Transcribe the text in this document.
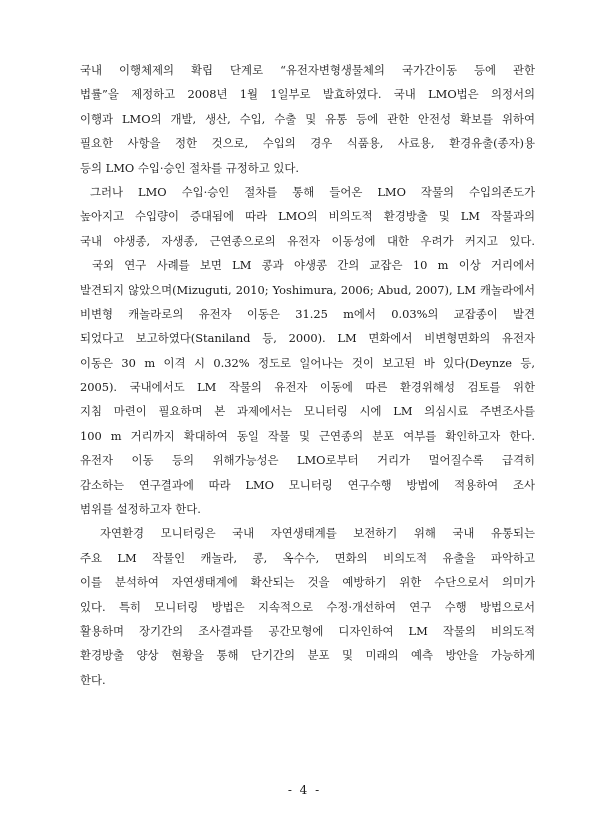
국내 이행체제의 확립 단계로 “유전자변형생물체의 국가간이동 등에 관한
법률”을 제정하고 2008년 1월 1일부로 발효하였다. 국내 LMO법은 의정서의
이행과 LMO의 개발, 생산, 수입, 수출 및 유통 등에 관한 안전성 확보를 위하여
필요한 사항을 정한 것으로, 수입의 경우 식품용, 사료용, 환경유출(종자)용
등의 LMO 수입·승인 절차를 규정하고 있다.
그러나 LMO 수입·승인 절차를 통해 들어온 LMO 작물의 수입의존도가
높아지고 수입량이 증대됨에 따라 LMO의 비의도적 환경방출 및 LM 작물과의
국내 야생종, 자생종, 근연종으로의 유전자 이동성에 대한 우려가 커지고 있다.
국외 연구 사례를 보면 LM 콩과 야생콩 간의 교잡은 10 m 이상 거리에서
발견되지 않았으며(Mizuguti, 2010; Yoshimura, 2006; Abud, 2007), LM 캐놀라에서
비변형 캐놀라로의 유전자 이동은 31.25 m에서 0.03%의 교잡종이 발견
되었다고 보고하였다(Staniland 등, 2000). LM 면화에서 비변형면화의 유전자
이동은 30 m 이격 시 0.32% 정도로 일어나는 것이 보고된 바 있다(Deynze 등,
2005). 국내에서도 LM 작물의 유전자 이동에 따른 환경위해성 검토를 위한
지침 마련이 필요하며 본 과제에서는 모니터링 시에 LM 의심시료 주변조사를
100 m 거리까지 확대하여 동일 작물 및 근연종의 분포 여부를 확인하고자 한다.
유전자 이동 등의 위해가능성은 LMO로부터 거리가 멀어질수록 급격히
감소하는 연구결과에 따라 LMO 모니터링 연구수행 방법에 적용하여 조사
범위를 설정하고자 한다.
자연환경 모니터링은 국내 자연생태계를 보전하기 위해 국내 유통되는
주요 LM 작물인 캐놀라, 콩, 옥수수, 면화의 비의도적 유출을 파악하고
이를 분석하여 자연생태계에 확산되는 것을 예방하기 위한 수단으로서 의미가
있다. 특히 모니터링 방법은 지속적으로 수정·개선하여 연구 수행 방법으로서
활용하며 장기간의 조사결과를 공간모형에 디자인하여 LM 작물의 비의도적
환경방출 양상 현황을 통해 단기간의 분포 및 미래의 예측 방안을 가능하게
한다.
- 4 -
